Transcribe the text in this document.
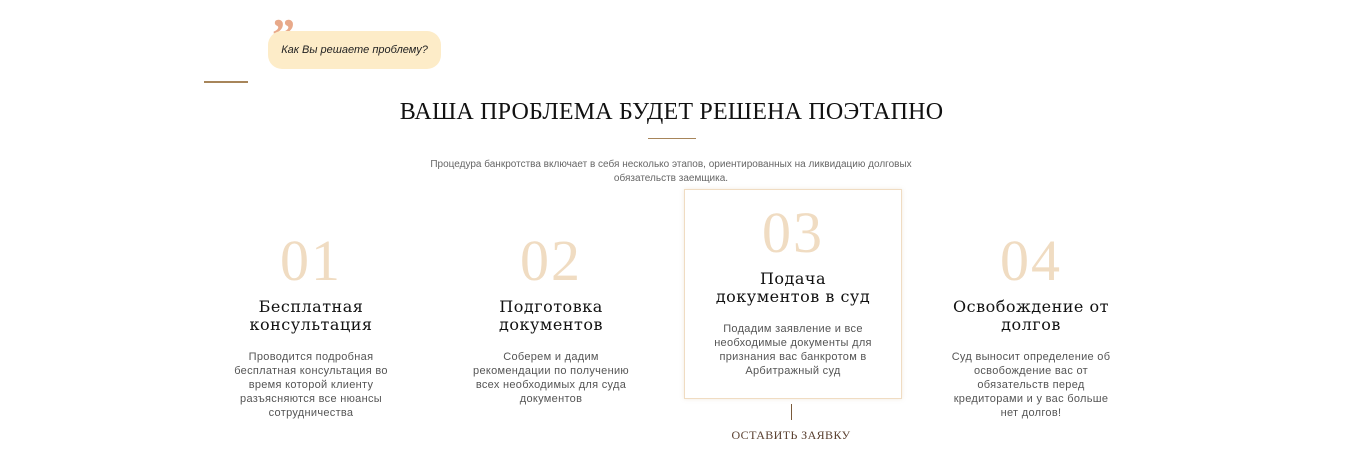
Как Вы решаете проблему?
ВАША ПРОБЛЕМА БУДЕТ РЕШЕНА ПОЭТАПНО
Процедура банкротства включает в себя несколько этапов, ориентированных на ликвидацию долговых
обязательств заемщика.
01
Бесплатная
консультация
Проводится подробная
бесплатная консультация во
время которой клиенту
разъясняются все нюансы
сотрудничества
02
Подготовка
документов
Соберем и дадим
рекомендации по получению
всех необходимых для суда
документов
03
Подача
документов в суд
Подадим заявление и все
необходимые документы для
признания вас банкротом в
Арбитражный суд
04
Освобождение от
долгов
Суд выносит определение об
освобождение вас от
обязательств перед
кредиторами и у вас больше
нет долгов!
ОСТАВИТЬ ЗАЯВКУ
